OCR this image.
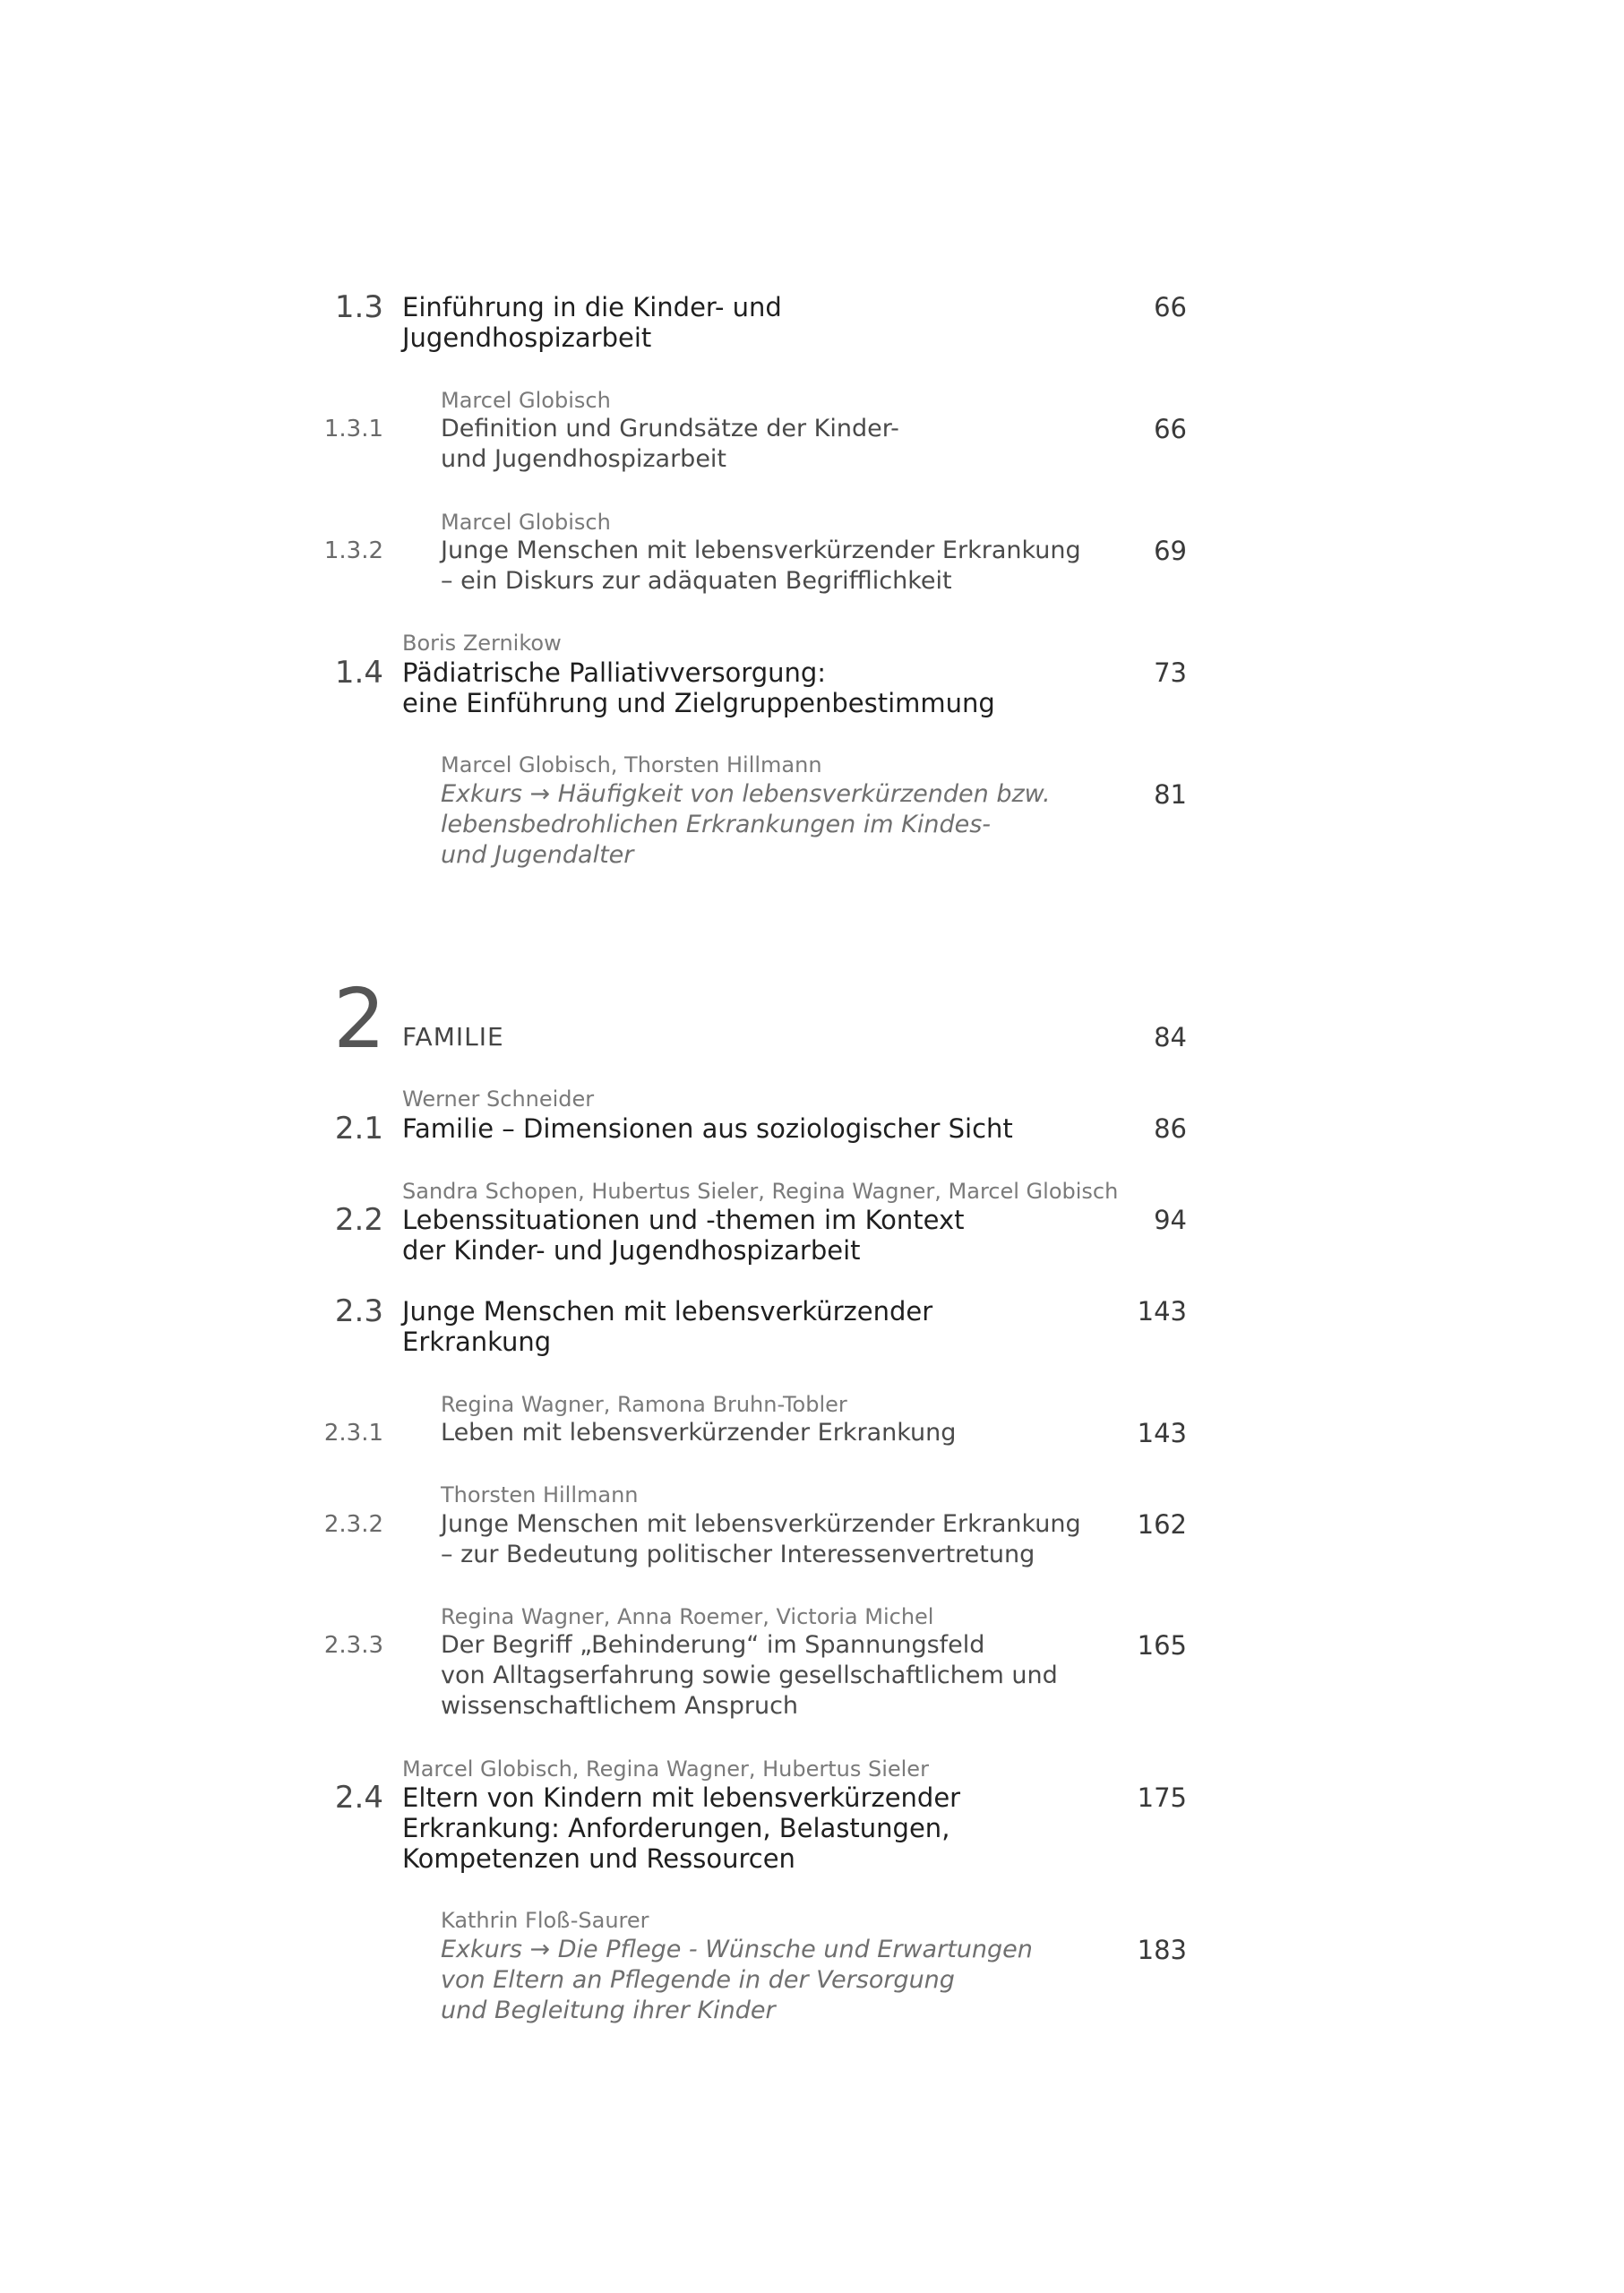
1.3 Einführung in die Kinder- und
Jugendhospizarbeit
66
Marcel Globisch
1.3.1 Definition und Grundsätze der Kinder-
und Jugendhospizarbeit
66
Marcel Globisch
1.3.2 Junge Menschen mit lebensverkürzender Erkrankung
– ein Diskurs zur adäquaten Begrifflichkeit
69
Boris Zernikow
1.4 Pädiatrische Palliativversorgung:
eine Einführung und Zielgruppenbestimmung
73
Marcel Globisch, Thorsten Hillmann
Exkurs → Häufigkeit von lebensverkürzenden bzw.
lebensbedrohlichen Erkrankungen im Kindes-
und Jugendalter
81
2 FAMILIE	84
Werner Schneider
2.1 Familie – Dimensionen aus soziologischer Sicht	86
Sandra Schopen, Hubertus Sieler, Regina Wagner, Marcel Globisch
2.2 Lebenssituationen und -themen im Kontext
der Kinder- und Jugendhospizarbeit
94
2.3 Junge Menschen mit lebensverkürzender
Erkrankung
143
Regina Wagner, Ramona Bruhn-Tobler
2.3.1 Leben mit lebensverkürzender Erkrankung	143
Thorsten Hillmann
2.3.2 Junge Menschen mit lebensverkürzender Erkrankung
– zur Bedeutung politischer Interessenvertretung
162
Regina Wagner, Anna Roemer, Victoria Michel
2.3.3 Der Begriff „Behinderung“ im Spannungsfeld
von Alltagserfahrung sowie gesellschaftlichem und
wissenschaftlichem Anspruch
165
Marcel Globisch, Regina Wagner, Hubertus Sieler
2.4 Eltern von Kindern mit lebensverkürzender
Erkrankung: Anforderungen, Belastungen,
Kompetenzen und Ressourcen
175
Kathrin Floß-Saurer
Exkurs → Die Pflege - Wünsche und Erwartungen
von Eltern an Pflegende in der Versorgung
und Begleitung ihrer Kinder
183
